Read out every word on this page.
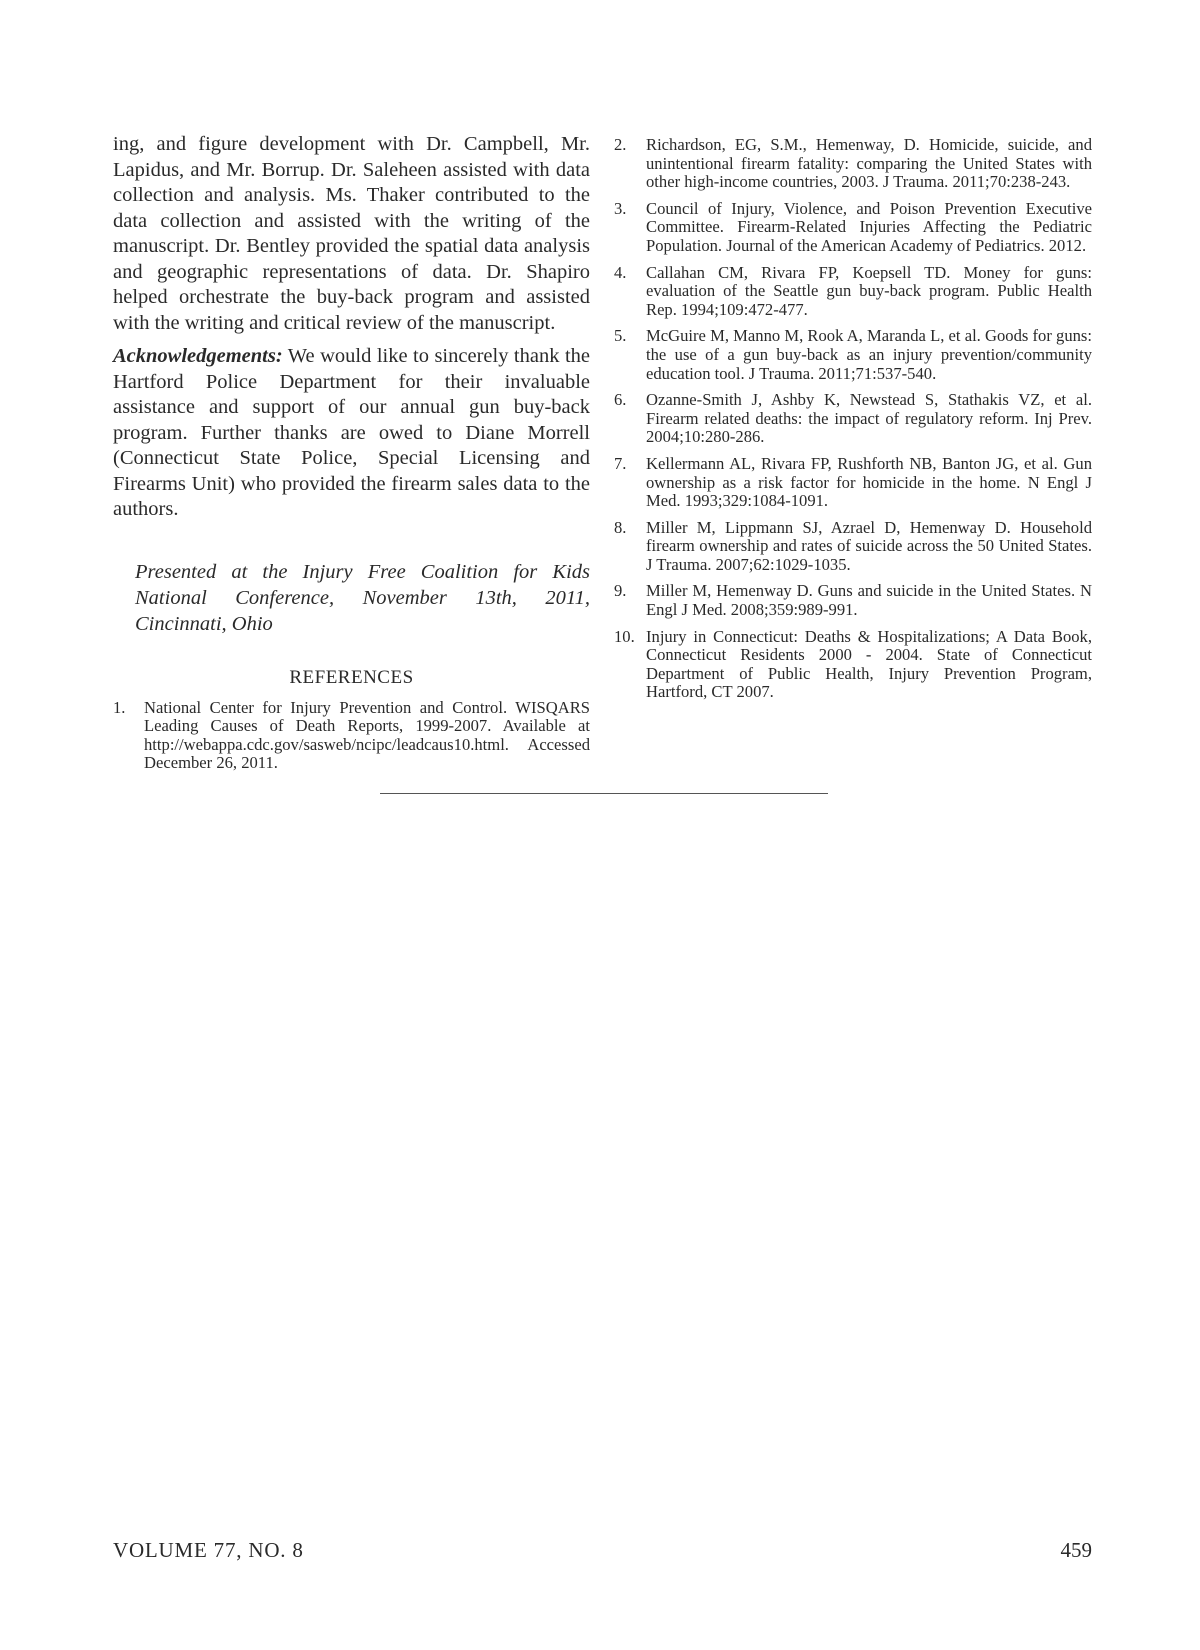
ing, and figure development with Dr. Campbell, Mr. Lapidus, and Mr. Borrup. Dr. Saleheen assisted with data collection and analysis. Ms. Thaker contributed to the data collection and assisted with the writing of the manuscript. Dr. Bentley provided the spatial data analysis and geographic representations of data. Dr. Shapiro helped orchestrate the buy-back program and assisted with the writing and critical review of the manuscript.

Acknowledgements: We would like to sincerely thank the Hartford Police Department for their invaluable assistance and support of our annual gun buy-back program. Further thanks are owed to Diane Morrell (Connecticut State Police, Special Licensing and Firearms Unit) who provided the firearm sales data to the authors.

Presented at the Injury Free Coalition for Kids National Conference, November 13th, 2011, Cincinnati, Ohio

REFERENCES
1. National Center for Injury Prevention and Control. WISQARS Leading Causes of Death Reports, 1999-2007. Available at http://webappa.cdc.gov/sasweb/ncipc/leadcaus10.html. Accessed December 26, 2011.
2. Richardson, EG, S.M., Hemenway, D. Homicide, suicide, and unintentional firearm fatality: comparing the United States with other high-income countries, 2003. J Trauma. 2011;70:238-243.
3. Council of Injury, Violence, and Poison Prevention Executive Committee. Firearm-Related Injuries Affecting the Pediatric Population. Journal of the American Academy of Pediatrics. 2012.
4. Callahan CM, Rivara FP, Koepsell TD. Money for guns: evaluation of the Seattle gun buy-back program. Public Health Rep. 1994;109:472-477.
5. McGuire M, Manno M, Rook A, Maranda L, et al. Goods for guns: the use of a gun buy-back as an injury prevention/community education tool. J Trauma. 2011;71:537-540.
6. Ozanne-Smith J, Ashby K, Newstead S, Stathakis VZ, et al. Firearm related deaths: the impact of regulatory reform. Inj Prev. 2004;10:280-286.
7. Kellermann AL, Rivara FP, Rushforth NB, Banton JG, et al. Gun ownership as a risk factor for homicide in the home. N Engl J Med. 1993;329:1084-1091.
8. Miller M, Lippmann SJ, Azrael D, Hemenway D. Household firearm ownership and rates of suicide across the 50 United States. J Trauma. 2007;62:1029-1035.
9. Miller M, Hemenway D. Guns and suicide in the United States. N Engl J Med. 2008;359:989-991.
10. Injury in Connecticut: Deaths & Hospitalizations; A Data Book, Connecticut Residents 2000 - 2004. State of Connecticut Department of Public Health, Injury Prevention Program, Hartford, CT 2007.
VOLUME 77, NO. 8	459
